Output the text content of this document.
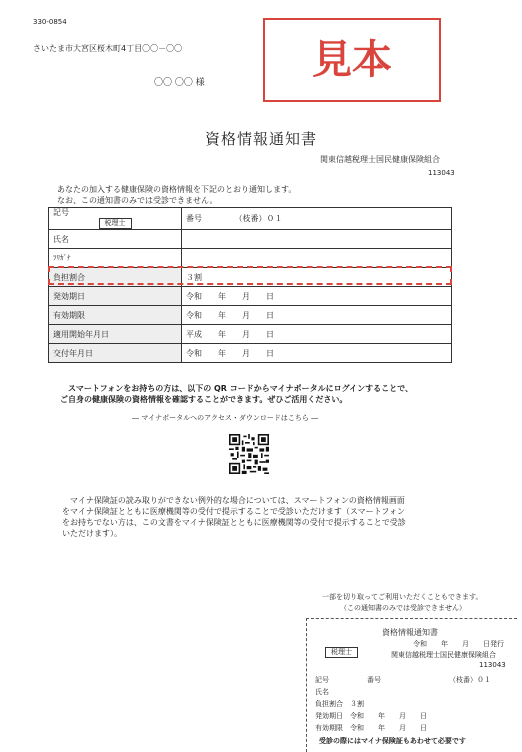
330-0854
さいたま市大宮区桜木町4丁目〇〇－〇〇
〇〇 〇〇 様	見本
資格情報通知書
関東信越税理士国民健康保険組合
113043
あなたの加入する健康保険の資格情報を下記のとおり通知します。
なお、この通知書のみでは受診できません。
記号
税理士	番号 （枝番）０１
氏名	
ﾌﾘｶﾞﾅ	
負担割合	３割
発効期日	令和　　年　　月　　日
有効期限	令和　　年　　月　　日
適用開始年月日	平成　　年　　月　　日
交付年月日	令和　　年　　月　　日
スマートフォンをお持ちの方は、以下の QR コードからマイナポータルにログインすることで、
ご自身の健康保険の資格情報を確認することができます。ぜひご活用ください。
― マイナポータルへのアクセス・ダウンロードはこちら ―
マイナ保険証の読み取りができない例外的な場合については、スマートフォンの資格情報画面
をマイナ保険証とともに医療機関等の受付で提示することで受診いただけます（スマートフォン
をお持ちでない方は、この文書をマイナ保険証とともに医療機関等の受付で提示することで受診
いただけます）。
一部を切り取ってご利用いただくこともできます。
（この通知書のみでは受診できません）
資格情報通知書
税理士
令和　　年　　月　　日発行
関東信越税理士国民健康保険組合
113043
記号	番号	（枝番）０１
氏名
負担割合　３割
発効期日　令和　　年　　月　　日
有効期限　令和　　年　　月　　日
受診の際にはマイナ保険証もあわせて必要です
